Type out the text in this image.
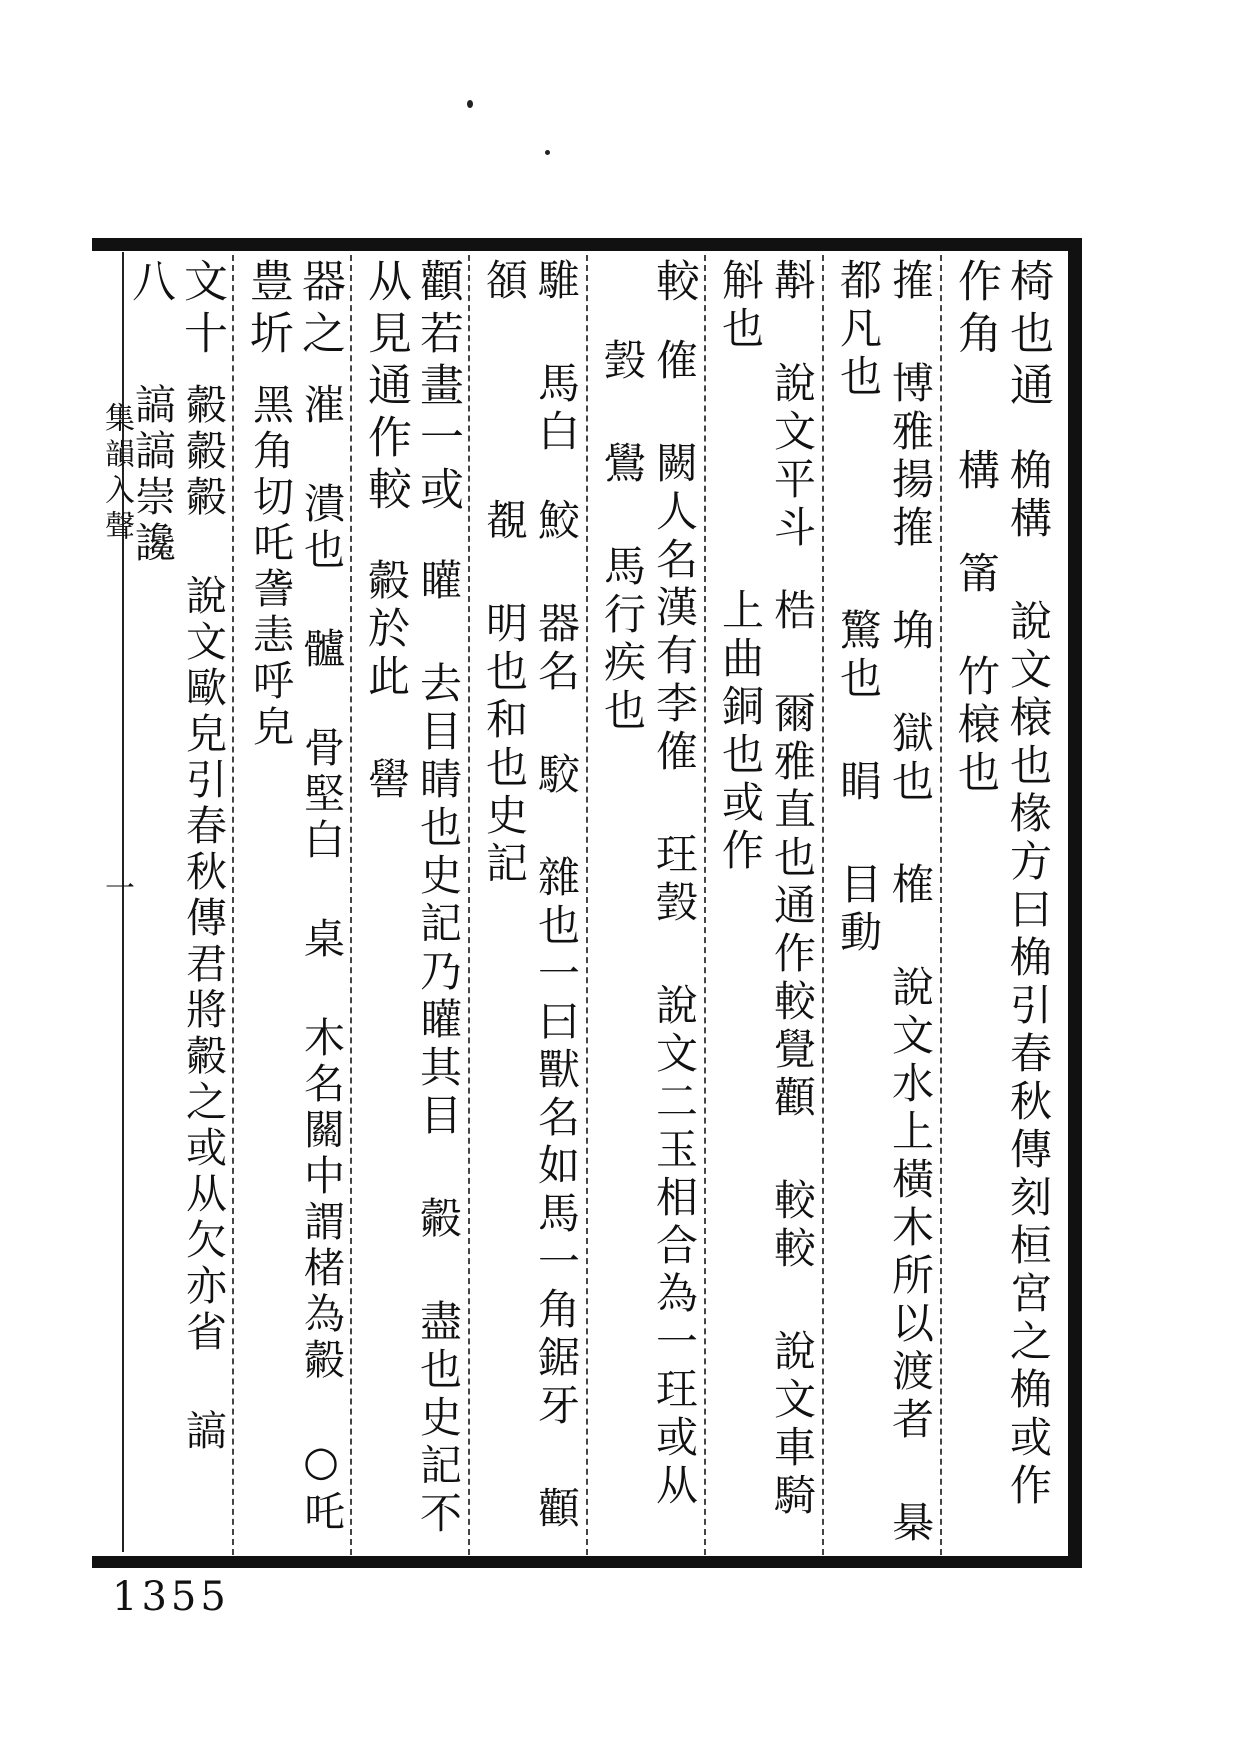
椅也通
作角
桷構 說文榱也椽方曰桷引春秋傳刻桓宮之桷或作構 筩 竹榱也
搉 博雅揚搉都凡也
埆 獄也 榷 說文水上橫木所以渡者 㮂 驚也 睊 目動
斠 說文平斗斛也
梏 爾雅直也通作較覺顴 較較 說文車騎上曲銅也或作
較
傕 闕人名漢有李傕 玨瑴 說文二玉相合為一玨或从瑴 鷽 馬行疾也
騅 馬白頟
鮫 器名 駮 雜也一曰獸名如馬一角鋸牙 顴覩 明也和也史記
顴若畫一或
从見通作較
矔 去目睛也史記乃矔其目 㲉 盡也史記不㲉於此 嚳
器之
豊圻
漼 潰也 髗 骨堅白 桌 木名關中謂楮為㲉 ○吒 黑角切吒詟恚呼皃
文十
八
㲉㲉㲉 說文歐皃引春秋傳君將㲉之或从欠亦省 謞 謞謞崇讒
集韻入聲
一
1355
